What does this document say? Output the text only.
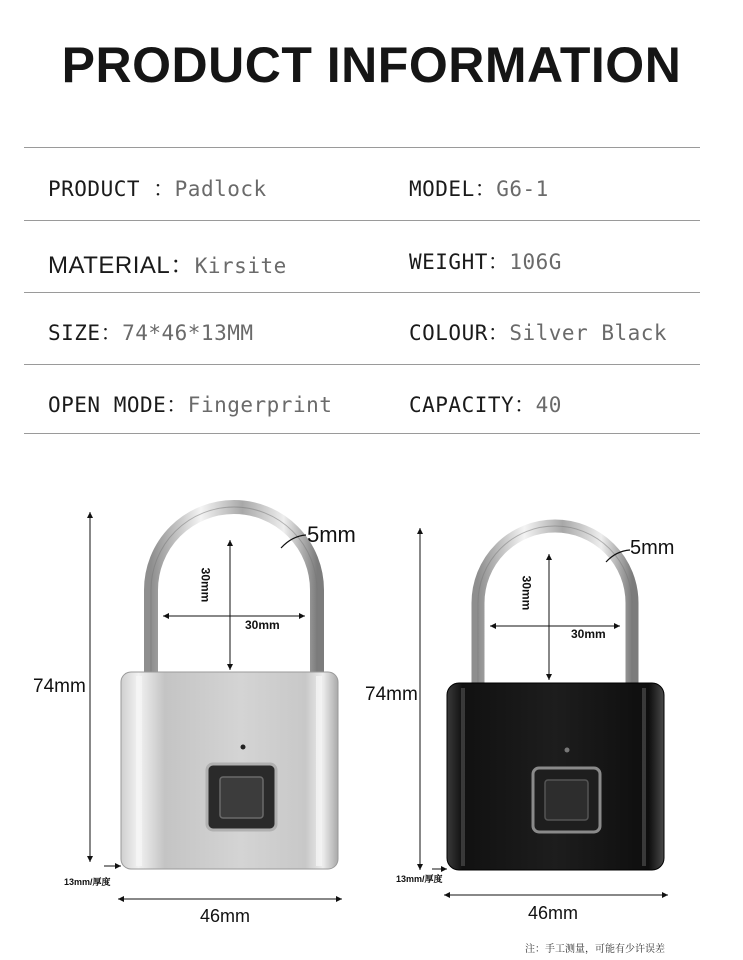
PRODUCT INFORMATION
PRODUCT ：Padlock	MODEL：G6-1
MATERIAL：Kirsite	WEIGHT：106G
SIZE：74*46*13MM	COLOUR：Silver Black
OPEN MODE：Fingerprint	CAPACITY：40
74mm
5mm
30mm
30mm
13mm/厚度
46mm
74mm
5mm
30mm
30mm
13mm/厚度
46mm
注：手工测量，可能有少许误差
